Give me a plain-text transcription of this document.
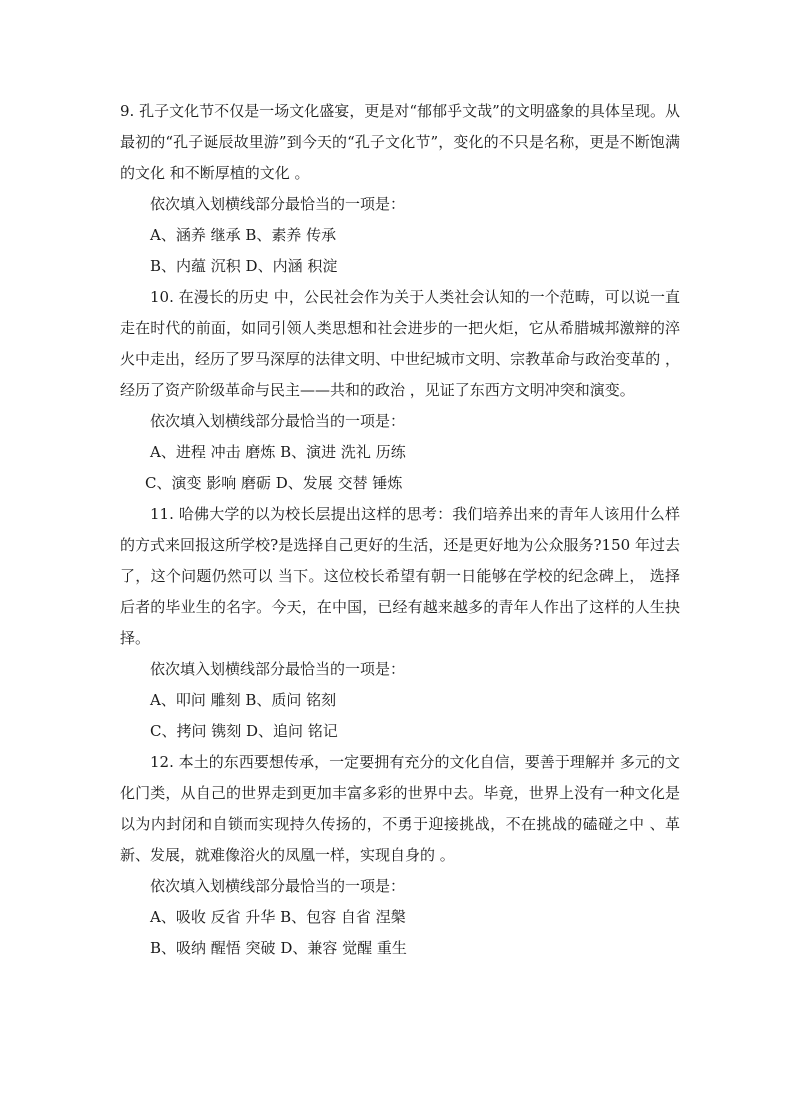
9. 孔子文化节不仅是一场文化盛宴，更是对“郁郁乎文哉”的文明盛象的具体呈现。从最初的“孔子诞辰故里游”到今天的“孔子文化节”，变化的不只是名称，更是不断饱满的文化 和不断厚植的文化 。

依次填入划横线部分最恰当的一项是：

A、涵养 继承 B、素养 传承

B、内蕴 沉积 D、内涵 积淀

10. 在漫长的历史 中，公民社会作为关于人类社会认知的一个范畴，可以说一直走在时代的前面，如同引领人类思想和社会进步的一把火炬，它从希腊城邦激辩的淬火中走出，经历了罗马深厚的法律文明、中世纪城市文明、宗教革命与政治变革的 ，经历了资产阶级革命与民主——共和的政治 ，见证了东西方文明冲突和演变。

依次填入划横线部分最恰当的一项是：

A、进程 冲击 磨炼 B、演进 洗礼 历练

C、演变 影响 磨砺 D、发展 交替 锤炼

11. 哈佛大学的以为校长层提出这样的思考：我们培养出来的青年人该用什么样的方式来回报这所学校?是选择自己更好的生活，还是更好地为公众服务?150 年过去了，这个问题仍然可以 当下。这位校长希望有朝一日能够在学校的纪念碑上， 选择后者的毕业生的名字。今天，在中国，已经有越来越多的青年人作出了这样的人生抉择。

依次填入划横线部分最恰当的一项是：

A、叩问 雕刻 B、质问 铭刻

C、拷问 镌刻 D、追问 铭记

12. 本土的东西要想传承，一定要拥有充分的文化自信，要善于理解并 多元的文化门类，从自己的世界走到更加丰富多彩的世界中去。毕竟，世界上没有一种文化是以为内封闭和自锁而实现持久传扬的，不勇于迎接挑战，不在挑战的磕碰之中 、革新、发展，就难像浴火的凤凰一样，实现自身的 。

依次填入划横线部分最恰当的一项是：

A、吸收 反省 升华 B、包容 自省 涅槃

B、吸纳 醒悟 突破 D、兼容 觉醒 重生
